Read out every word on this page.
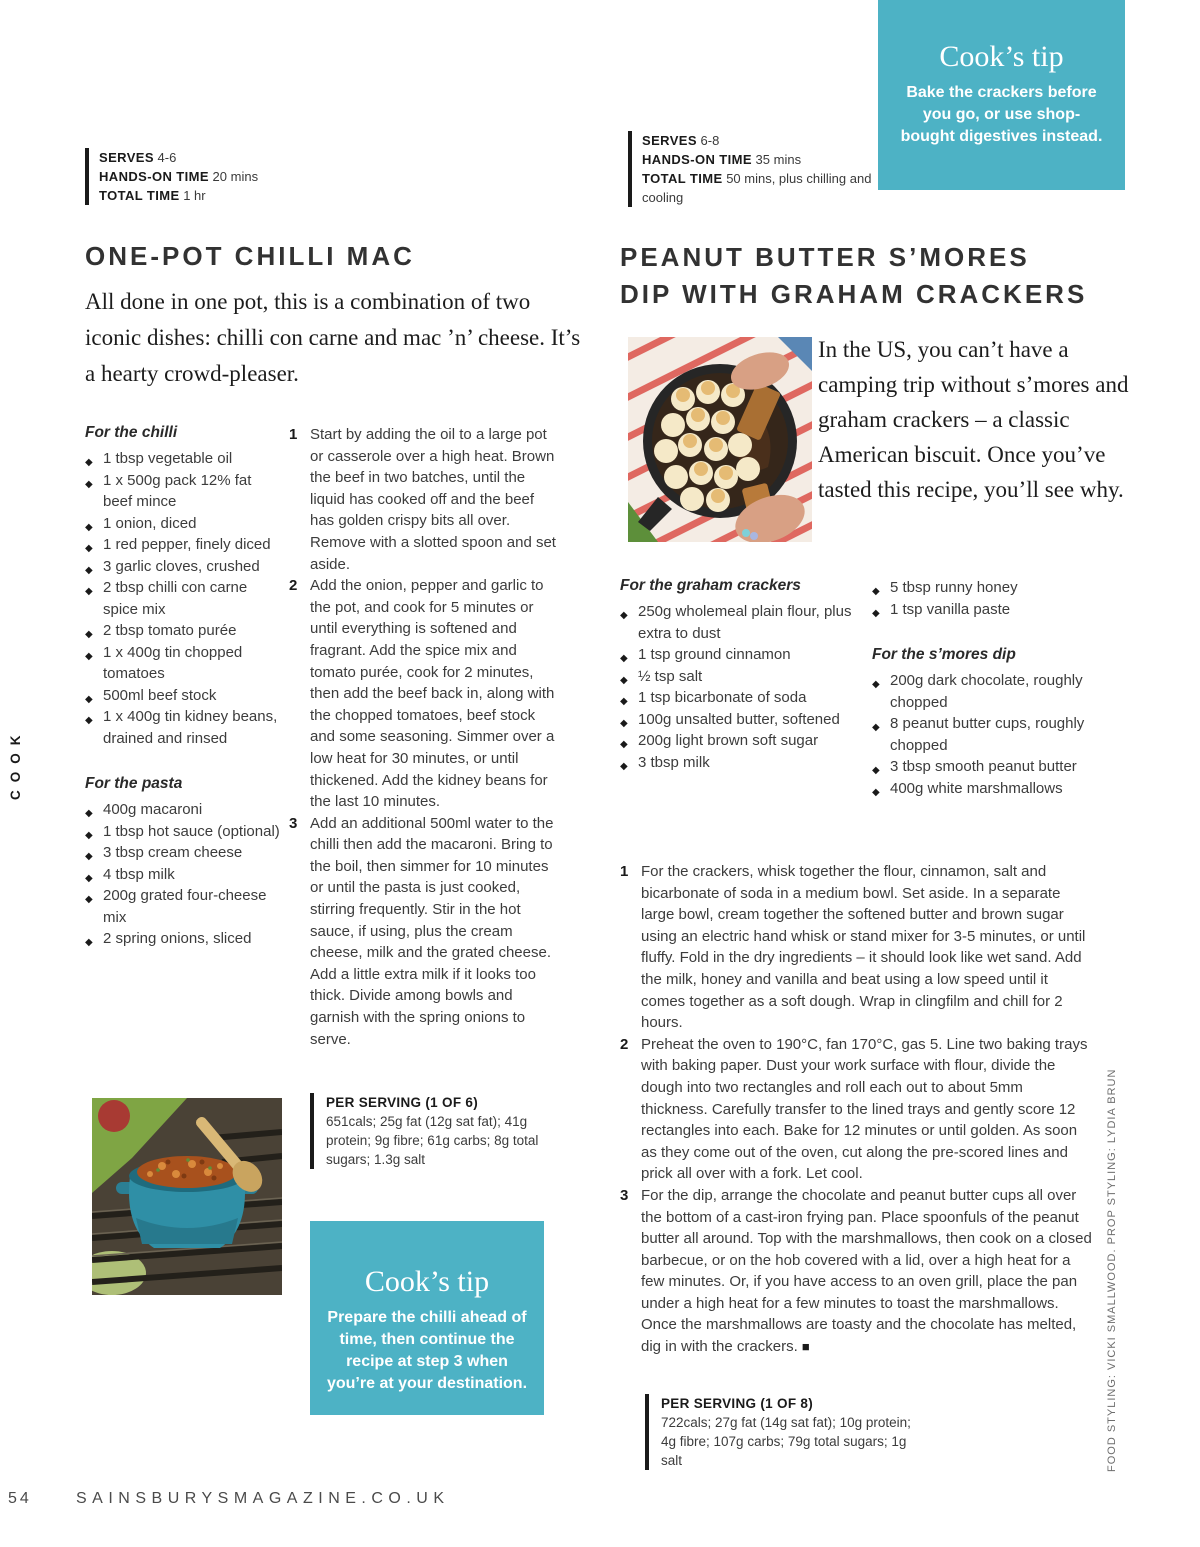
COOK
SERVES 4-6
HANDS-ON TIME 20 mins
TOTAL TIME 1 hr
ONE-POT CHILLI MAC
All done in one pot, this is a combination of two iconic dishes: chilli con carne and mac ’n’ cheese. It’s a hearty crowd-pleaser.
For the chilli
◆ 1 tbsp vegetable oil
◆ 1 x 500g pack 12% fat beef mince
◆ 1 onion, diced
◆ 1 red pepper, finely diced
◆ 3 garlic cloves, crushed
◆ 2 tbsp chilli con carne spice mix
◆ 2 tbsp tomato purée
◆ 1 x 400g tin chopped tomatoes
◆ 500ml beef stock
◆ 1 x 400g tin kidney beans, drained and rinsed
For the pasta
◆ 400g macaroni
◆ 1 tbsp hot sauce (optional)
◆ 3 tbsp cream cheese
◆ 4 tbsp milk
◆ 200g grated four-cheese mix
◆ 2 spring onions, sliced
1 Start by adding the oil to a large pot or casserole over a high heat. Brown the beef in two batches, until the liquid has cooked off and the beef has golden crispy bits all over. Remove with a slotted spoon and set aside.
2 Add the onion, pepper and garlic to the pot, and cook for 5 minutes or until everything is softened and fragrant. Add the spice mix and tomato purée, cook for 2 minutes, then add the beef back in, along with the chopped tomatoes, beef stock and some seasoning. Simmer over a low heat for 30 minutes, or until thickened. Add the kidney beans for the last 10 minutes.
3 Add an additional 500ml water to the chilli then add the macaroni. Bring to the boil, then simmer for 10 minutes or until the pasta is just cooked, stirring frequently. Stir in the hot sauce, if using, plus the cream cheese, milk and the grated cheese. Add a little extra milk if it looks too thick. Divide among bowls and garnish with the spring onions to serve.
PER SERVING (1 OF 6)
651cals; 25g fat (12g sat fat); 41g protein; 9g fibre; 61g carbs; 8g total sugars; 1.3g salt
Cook’s tip
Prepare the chilli ahead of time, then continue the recipe at step 3 when you’re at your destination.
SERVES 6-8
HANDS-ON TIME 35 mins
TOTAL TIME 50 mins, plus chilling and cooling
Cook’s tip
Bake the crackers before you go, or use shop-bought digestives instead.
PEANUT BUTTER S’MORES
DIP WITH GRAHAM CRACKERS
In the US, you can’t have a camping trip without s’mores and graham crackers – a classic American biscuit. Once you’ve tasted this recipe, you’ll see why.
For the graham crackers
◆ 250g wholemeal plain flour, plus extra to dust
◆ 1 tsp ground cinnamon
◆ ½ tsp salt
◆ 1 tsp bicarbonate of soda
◆ 100g unsalted butter, softened
◆ 200g light brown soft sugar
◆ 3 tbsp milk
◆ 5 tbsp runny honey
◆ 1 tsp vanilla paste
For the s’mores dip
◆ 200g dark chocolate, roughly chopped
◆ 8 peanut butter cups, roughly chopped
◆ 3 tbsp smooth peanut butter
◆ 400g white marshmallows
1 For the crackers, whisk together the flour, cinnamon, salt and bicarbonate of soda in a medium bowl. Set aside. In a separate large bowl, cream together the softened butter and brown sugar using an electric hand whisk or stand mixer for 3-5 minutes, or until fluffy. Fold in the dry ingredients – it should look like wet sand. Add the milk, honey and vanilla and beat using a low speed until it comes together as a soft dough. Wrap in clingfilm and chill for 2 hours.
2 Preheat the oven to 190°C, fan 170°C, gas 5. Line two baking trays with baking paper. Dust your work surface with flour, divide the dough into two rectangles and roll each out to about 5mm thickness. Carefully transfer to the lined trays and gently score 12 rectangles into each. Bake for 12 minutes or until golden. As soon as they come out of the oven, cut along the pre-scored lines and prick all over with a fork. Let cool.
3 For the dip, arrange the chocolate and peanut butter cups all over the bottom of a cast-iron frying pan. Place spoonfuls of the peanut butter all around. Top with the marshmallows, then cook on a closed barbecue, or on the hob covered with a lid, over a high heat for a few minutes. Or, if you have access to an oven grill, place the pan under a high heat for a few minutes to toast the marshmallows. Once the marshmallows are toasty and the chocolate has melted, dig in with the crackers. ■
PER SERVING (1 OF 8)
722cals; 27g fat (14g sat fat); 10g protein; 4g fibre; 107g carbs; 79g total sugars; 1g salt	FOOD STYLING: VICKI SMALLWOOD. PROP STYLING: LYDIA BRUN
54	SAINSBURYSMAGAZINE.CO.UK
